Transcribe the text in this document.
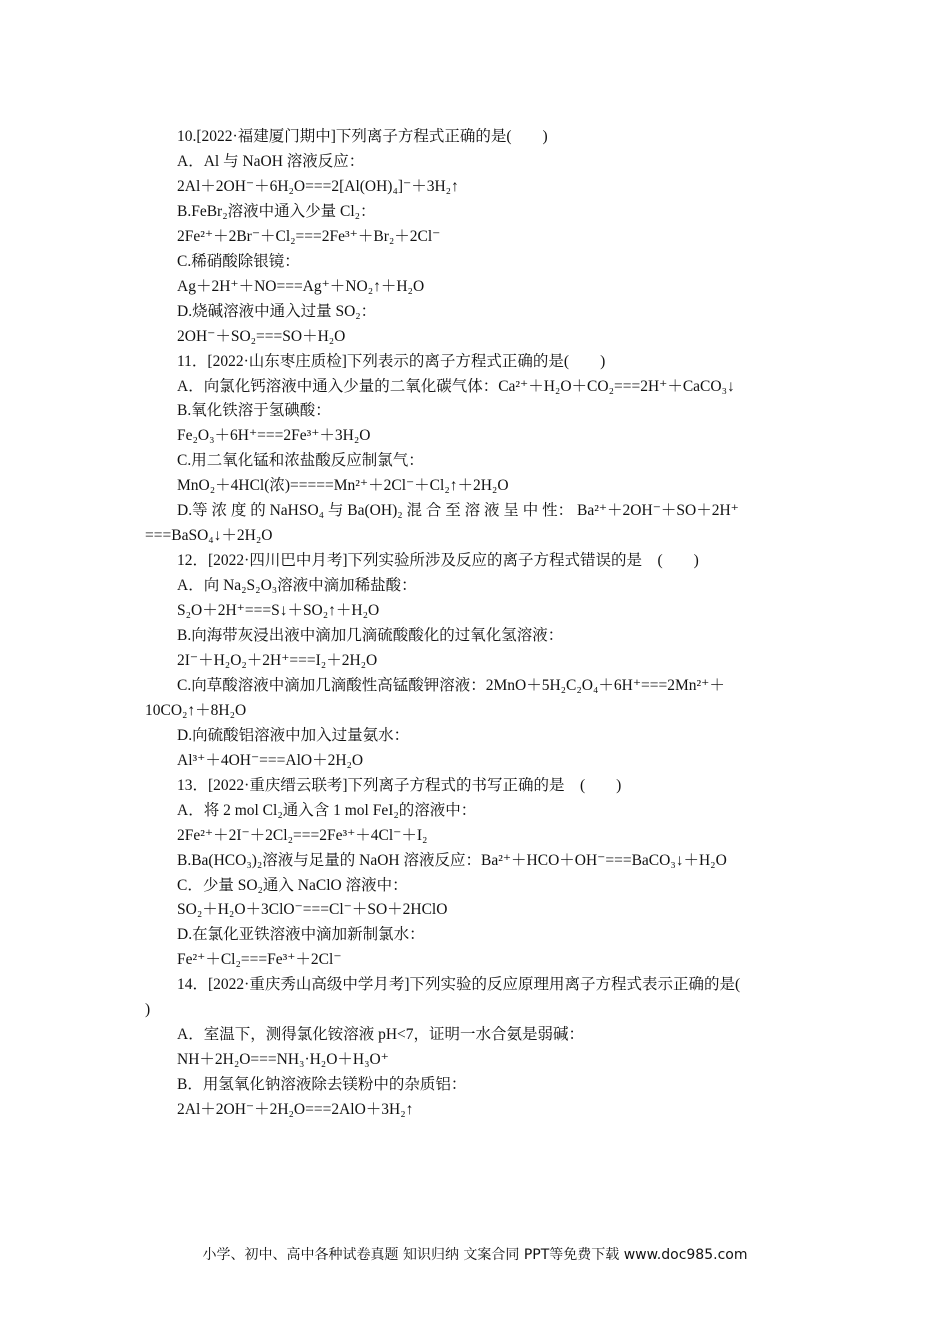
10.[2022·福建厦门期中]下列离子方程式正确的是(　　)
A．Al 与 NaOH 溶液反应：
2Al＋2OH⁻＋6H₂O===2[Al(OH)₄]⁻＋3H₂↑
B.FeBr₂溶液中通入少量 Cl₂：
2Fe²⁺＋2Br⁻＋Cl₂===2Fe³⁺＋Br₂＋2Cl⁻
C.稀硝酸除银镜：
Ag＋2H⁺＋NO===Ag⁺＋NO₂↑＋H₂O
D.烧碱溶液中通入过量 SO₂：
2OH⁻＋SO₂===SO＋H₂O
11．[2022·山东枣庄质检]下列表示的离子方程式正确的是(　　)
A．向氯化钙溶液中通入少量的二氧化碳气体：Ca²⁺＋H₂O＋CO₂===2H⁺＋CaCO₃↓
B.氧化铁溶于氢碘酸：
Fe₂O₃＋6H⁺===2Fe³⁺＋3H₂O
C.用二氧化锰和浓盐酸反应制氯气：
MnO₂＋4HCl(浓)=====Mn²⁺＋2Cl⁻＋Cl₂↑＋2H₂O
D.等 浓 度 的 NaHSO₄ 与 Ba(OH)₂ 混 合 至 溶 液 呈 中 性： Ba²⁺＋2OH⁻＋SO＋2H⁺
===BaSO₄↓＋2H₂O
12．[2022·四川巴中月考]下列实验所涉及反应的离子方程式错误的是　(　　)
A．向 Na₂S₂O₃溶液中滴加稀盐酸：
S₂O＋2H⁺===S↓＋SO₂↑＋H₂O
B.向海带灰浸出液中滴加几滴硫酸酸化的过氧化氢溶液：
2I⁻＋H₂O₂＋2H⁺===I₂＋2H₂O
C.向草酸溶液中滴加几滴酸性高锰酸钾溶液：2MnO＋5H₂C₂O₄＋6H⁺===2Mn²⁺＋
10CO₂↑＋8H₂O
D.向硫酸铝溶液中加入过量氨水：
Al³⁺＋4OH⁻===AlO＋2H₂O
13．[2022·重庆缙云联考]下列离子方程式的书写正确的是　(　　)
A．将 2 mol Cl₂通入含 1 mol FeI₂的溶液中：
2Fe²⁺＋2I⁻＋2Cl₂===2Fe³⁺＋4Cl⁻＋I₂
B.Ba(HCO₃)₂溶液与足量的 NaOH 溶液反应：Ba²⁺＋HCO＋OH⁻===BaCO₃↓＋H₂O
C．少量 SO₂通入 NaClO 溶液中：
SO₂＋H₂O＋3ClO⁻===Cl⁻＋SO＋2HClO
D.在氯化亚铁溶液中滴加新制氯水：
Fe²⁺＋Cl₂===Fe³⁺＋2Cl⁻
14．[2022·重庆秀山高级中学月考]下列实验的反应原理用离子方程式表示正确的是(
)
A．室温下，测得氯化铵溶液 pH<7，证明一水合氨是弱碱：
NH＋2H₂O===NH₃·H₂O＋H₃O⁺
B．用氢氧化钠溶液除去镁粉中的杂质铝：
2Al＋2OH⁻＋2H₂O===2AlO＋3H₂↑
小学、初中、高中各种试卷真题 知识归纳 文案合同 PPT等免费下载 www.doc985.com
